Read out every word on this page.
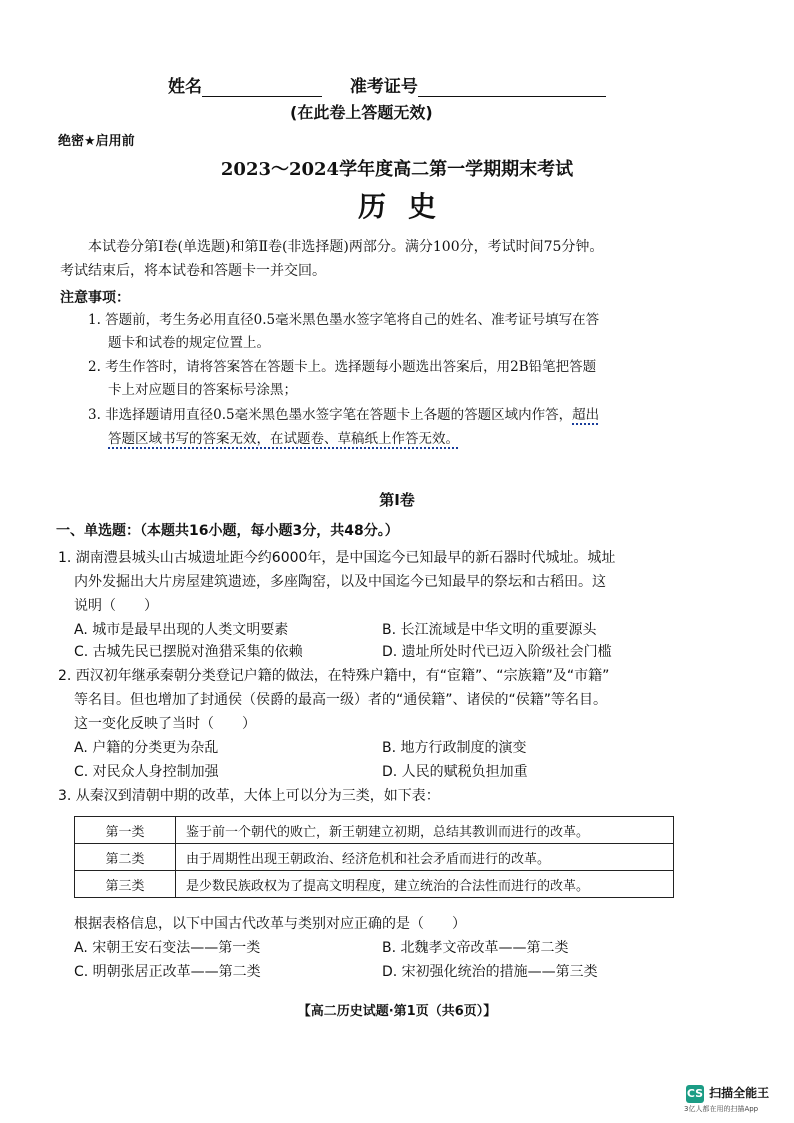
姓名	准考证号
(在此卷上答题无效)
绝密★启用前
2023～2024学年度高二第一学期期末考试
历史
本试卷分第Ⅰ卷(单选题)和第Ⅱ卷(非选择题)两部分。满分100分，考试时间75分钟。
考试结束后，将本试卷和答题卡一并交回。
注意事项：
1. 答题前，考生务必用直径0.5毫米黑色墨水签字笔将自己的姓名、准考证号填写在答
题卡和试卷的规定位置上。
2. 考生作答时，请将答案答在答题卡上。选择题每小题选出答案后，用2B铅笔把答题
卡上对应题目的答案标号涂黑；
3. 非选择题请用直径0.5毫米黑色墨水签字笔在答题卡上各题的答题区域内作答，超出
答题区域书写的答案无效，在试题卷、草稿纸上作答无效。
第Ⅰ卷
一、单选题：（本题共16小题，每小题3分，共48分。）
1. 湖南澧县城头山古城遗址距今约6000年，是中国迄今已知最早的新石器时代城址。城址
内外发掘出大片房屋建筑遗迹，多座陶窑，以及中国迄今已知最早的祭坛和古稻田。这
说明（　　）
A. 城市是最早出现的人类文明要素	B. 长江流域是中华文明的重要源头
C. 古城先民已摆脱对渔猎采集的依赖	D. 遗址所处时代已迈入阶级社会门槛
2. 西汉初年继承秦朝分类登记户籍的做法，在特殊户籍中，有“宦籍”、“宗族籍”及“市籍”
等名目。但也增加了封通侯（侯爵的最高一级）者的“通侯籍”、诸侯的“侯籍”等名目。
这一变化反映了当时（　　）
A. 户籍的分类更为杂乱	B. 地方行政制度的演变
C. 对民众人身控制加强	D. 人民的赋税负担加重
3. 从秦汉到清朝中期的改革，大体上可以分为三类，如下表：
第一类	鉴于前一个朝代的败亡，新王朝建立初期，总结其教训而进行的改革。
第二类	由于周期性出现王朝政治、经济危机和社会矛盾而进行的改革。
第三类	是少数民族政权为了提高文明程度，建立统治的合法性而进行的改革。
根据表格信息，以下中国古代改革与类别对应正确的是（　　）
A. 宋朝王安石变法——第一类	B. 北魏孝文帝改革——第二类
C. 明朝张居正改革——第二类	D. 宋初强化统治的措施——第三类
【高二历史试题·第1页（共6页）】
CS 扫描全能王
3亿人都在用的扫描App
